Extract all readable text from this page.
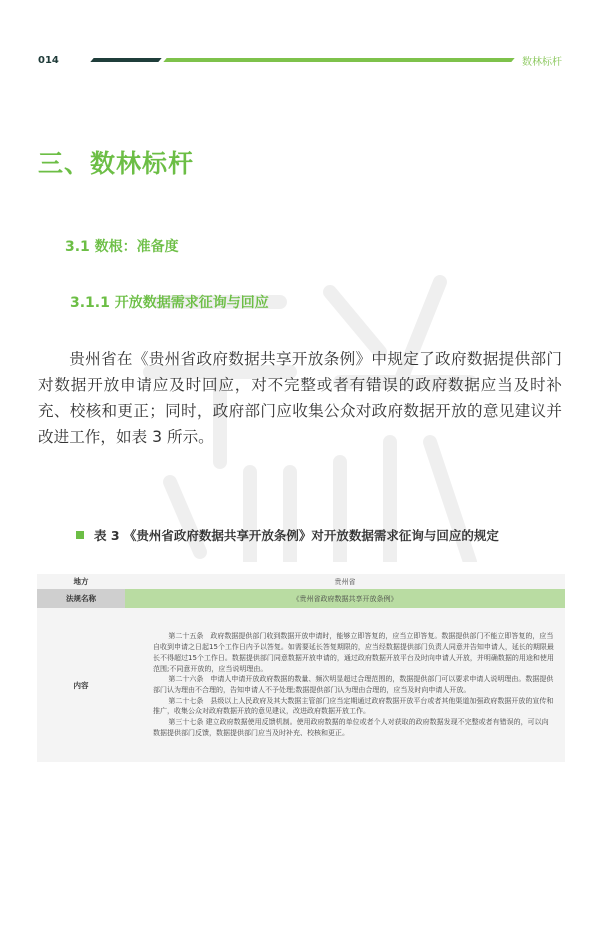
014	数林标杆
三、数林标杆
3.1 数根：准备度
3.1.1 开放数据需求征询与回应

贵州省在《贵州省政府数据共享开放条例》中规定了政府数据提供部门对数据开放申请应及时回应，对不完整或者有错误的政府数据应当及时补充、校核和更正；同时，政府部门应收集公众对政府数据开放的意见建议并改进工作，如表 3 所示。

表 3 《贵州省政府数据共享开放条例》对开放数据需求征询与回应的规定
地方	贵州省
法规名称	《贵州省政府数据共享开放条例》
内容	第二十五条　政府数据提供部门收到数据开放申请时，能够立即答复的，应当立即答复。数据提供部门不能立即答复的，应当自收到申请之日起15个工作日内予以答复。如需要延长答复期限的，应当经数据提供部门负责人同意并告知申请人，延长的期限最长不得超过15个工作日。数据提供部门同意数据开放申请的，通过政府数据开放平台及时向申请人开放，并明确数据的用途和使用范围;不同意开放的，应当说明理由。

第二十六条　申请人申请开放政府数据的数量、频次明显超过合理范围的，数据提供部门可以要求申请人说明理由。数据提供部门认为理由不合理的，告知申请人不予处理;数据提供部门认为理由合理的，应当及时向申请人开放。

第二十七条　县级以上人民政府及其大数据主管部门应当定期通过政府数据开放平台或者其他渠道加强政府数据开放的宣传和推广，收集公众对政府数据开放的意见建议，改进政府数据开放工作。

第三十七条 建立政府数据使用反馈机制。使用政府数据的单位或者个人对获取的政府数据发现不完整或者有错误的，可以向数据提供部门反馈，数据提供部门应当及时补充、校核和更正。
